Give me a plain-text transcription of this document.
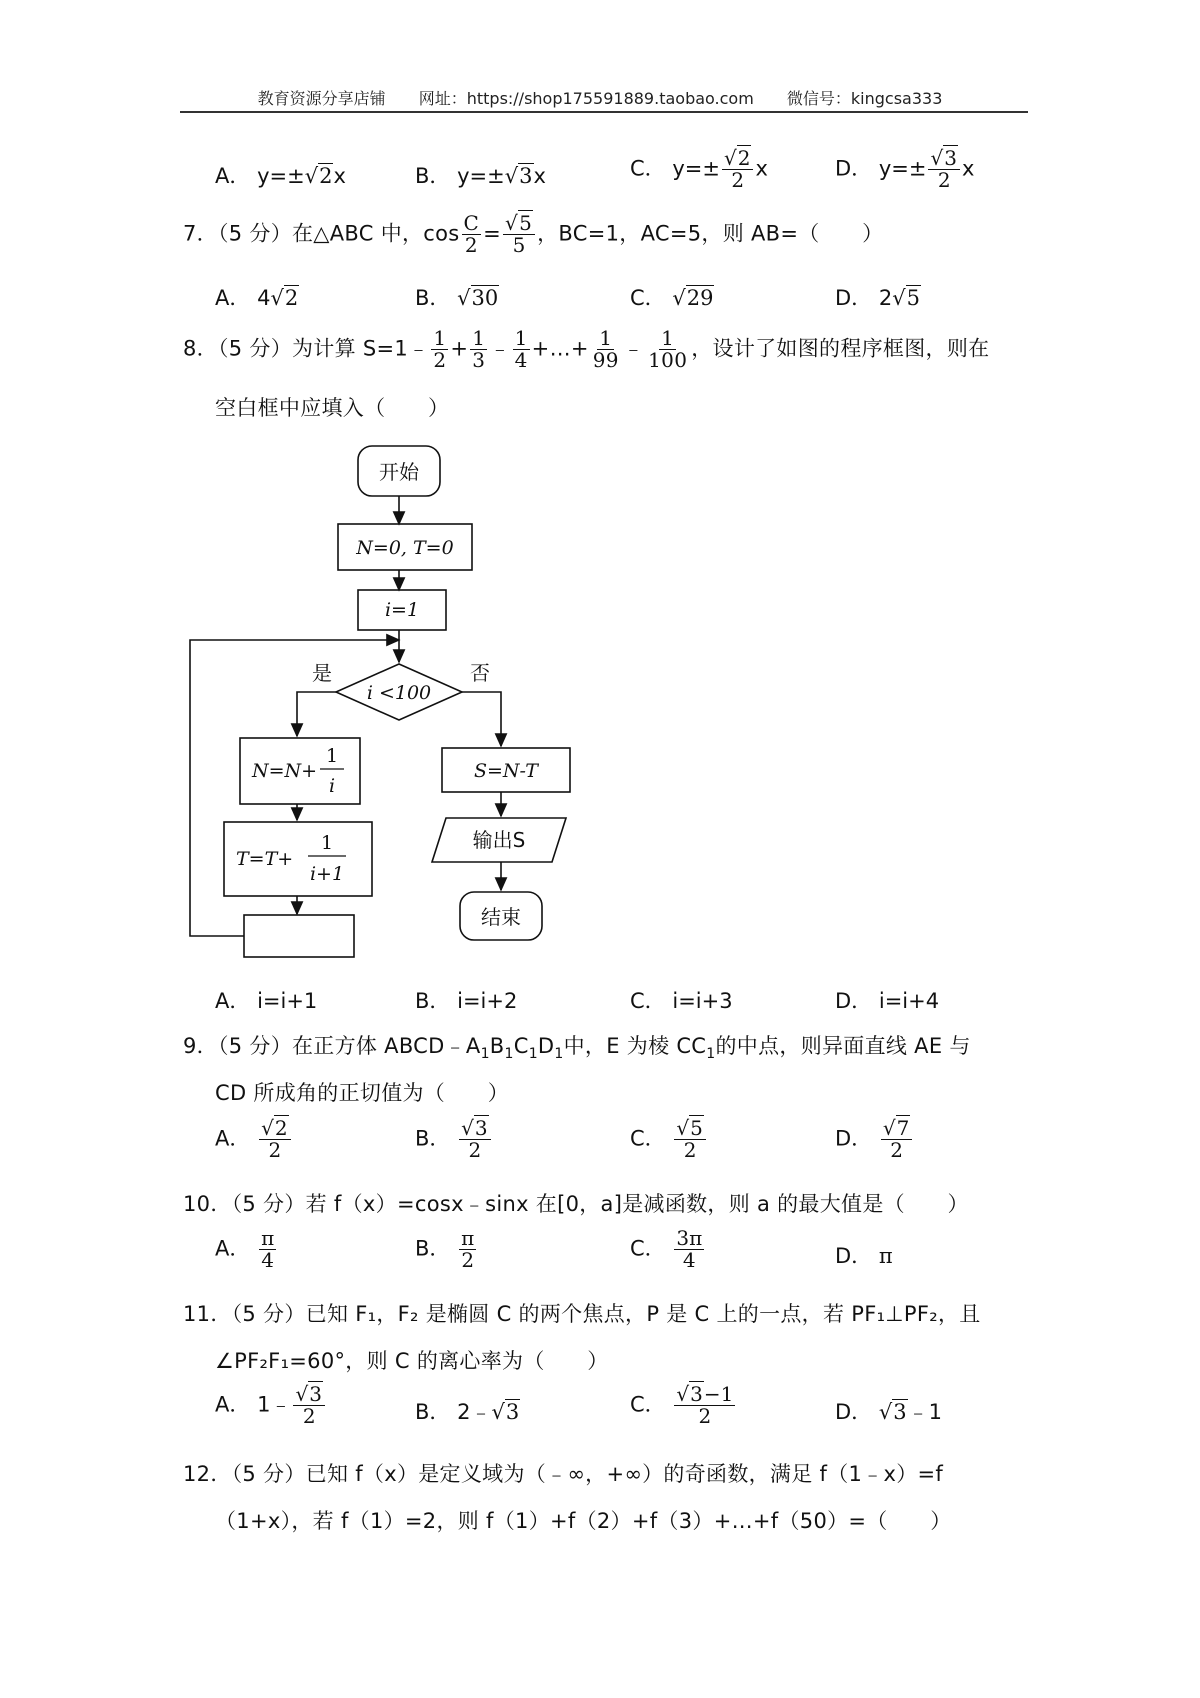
教育资源分享店铺 网址：https://shop175591889.taobao.com 微信号：kingcsa333
A． y=±√2x	B． y=±√3x	C． $y=\pm \frac{√2}{2}$ x	D． $y=\pm \frac{√3}{2}$ x
7．（5 分）在△ABC 中，$\cos \frac{C}{2} = \frac{√5}{5}$ ，BC=1，AC=5，则 AB=（　　）
A． 4√2	B． √30	C． √29	D． 2√5
8．（5 分）为计算 S=1﹣ $\frac{1}{2} + \frac{1}{3}$ ﹣ $\frac{1}{4}$ +…+ $\frac{1}{99}$ ﹣ $\frac{1}{100}$ ，设计了如图的程序框图，则在
空白框中应填入（　　）
开始
N=0, T=0
i=1
i <100
是	否
N=N+
1
i
T=T+
1
i+1
S=N-T
输出S
结束
A． i=i+1	B． i=i+2	C． i=i+3	D． i=i+4
9．（5 分）在正方体 $ABCD﹣A_1B_1C_1D_1$中，E 为棱 $CC_1$的中点，则异面直线 AE 与
CD 所成角的正切值为（　　）
A． $\frac{√2}{2}$	B． $\frac{√3}{2}$	C． $\frac{√5}{2}$	D． $\frac{√7}{2}$
10．（5 分）若 f（x）=cosx﹣sinx 在[0，a]是减函数，则 a 的最大值是（　　）
A． $\frac{\pi}{4}$	B． $\frac{\pi}{2}$	C． $\frac{3\pi}{4}$	D． π
11．（5 分）已知 F₁，F₂ 是椭圆 C 的两个焦点，P 是 C 上的一点，若 PF₁⊥PF₂，且
∠PF₂F₁=60°，则 C 的离心率为（　　）
A． 1﹣ $\frac{√3}{2}$	B． 2﹣√3	C． $\frac{√3-1}{2}$	D． √3﹣1
12．（5 分）已知 f（x）是定义域为（﹣∞，+∞）的奇函数，满足 f（1﹣x）=f
（1+x），若 f（1）=2，则 f（1）+f（2）+f（3）+…+f（50）=（　　）
